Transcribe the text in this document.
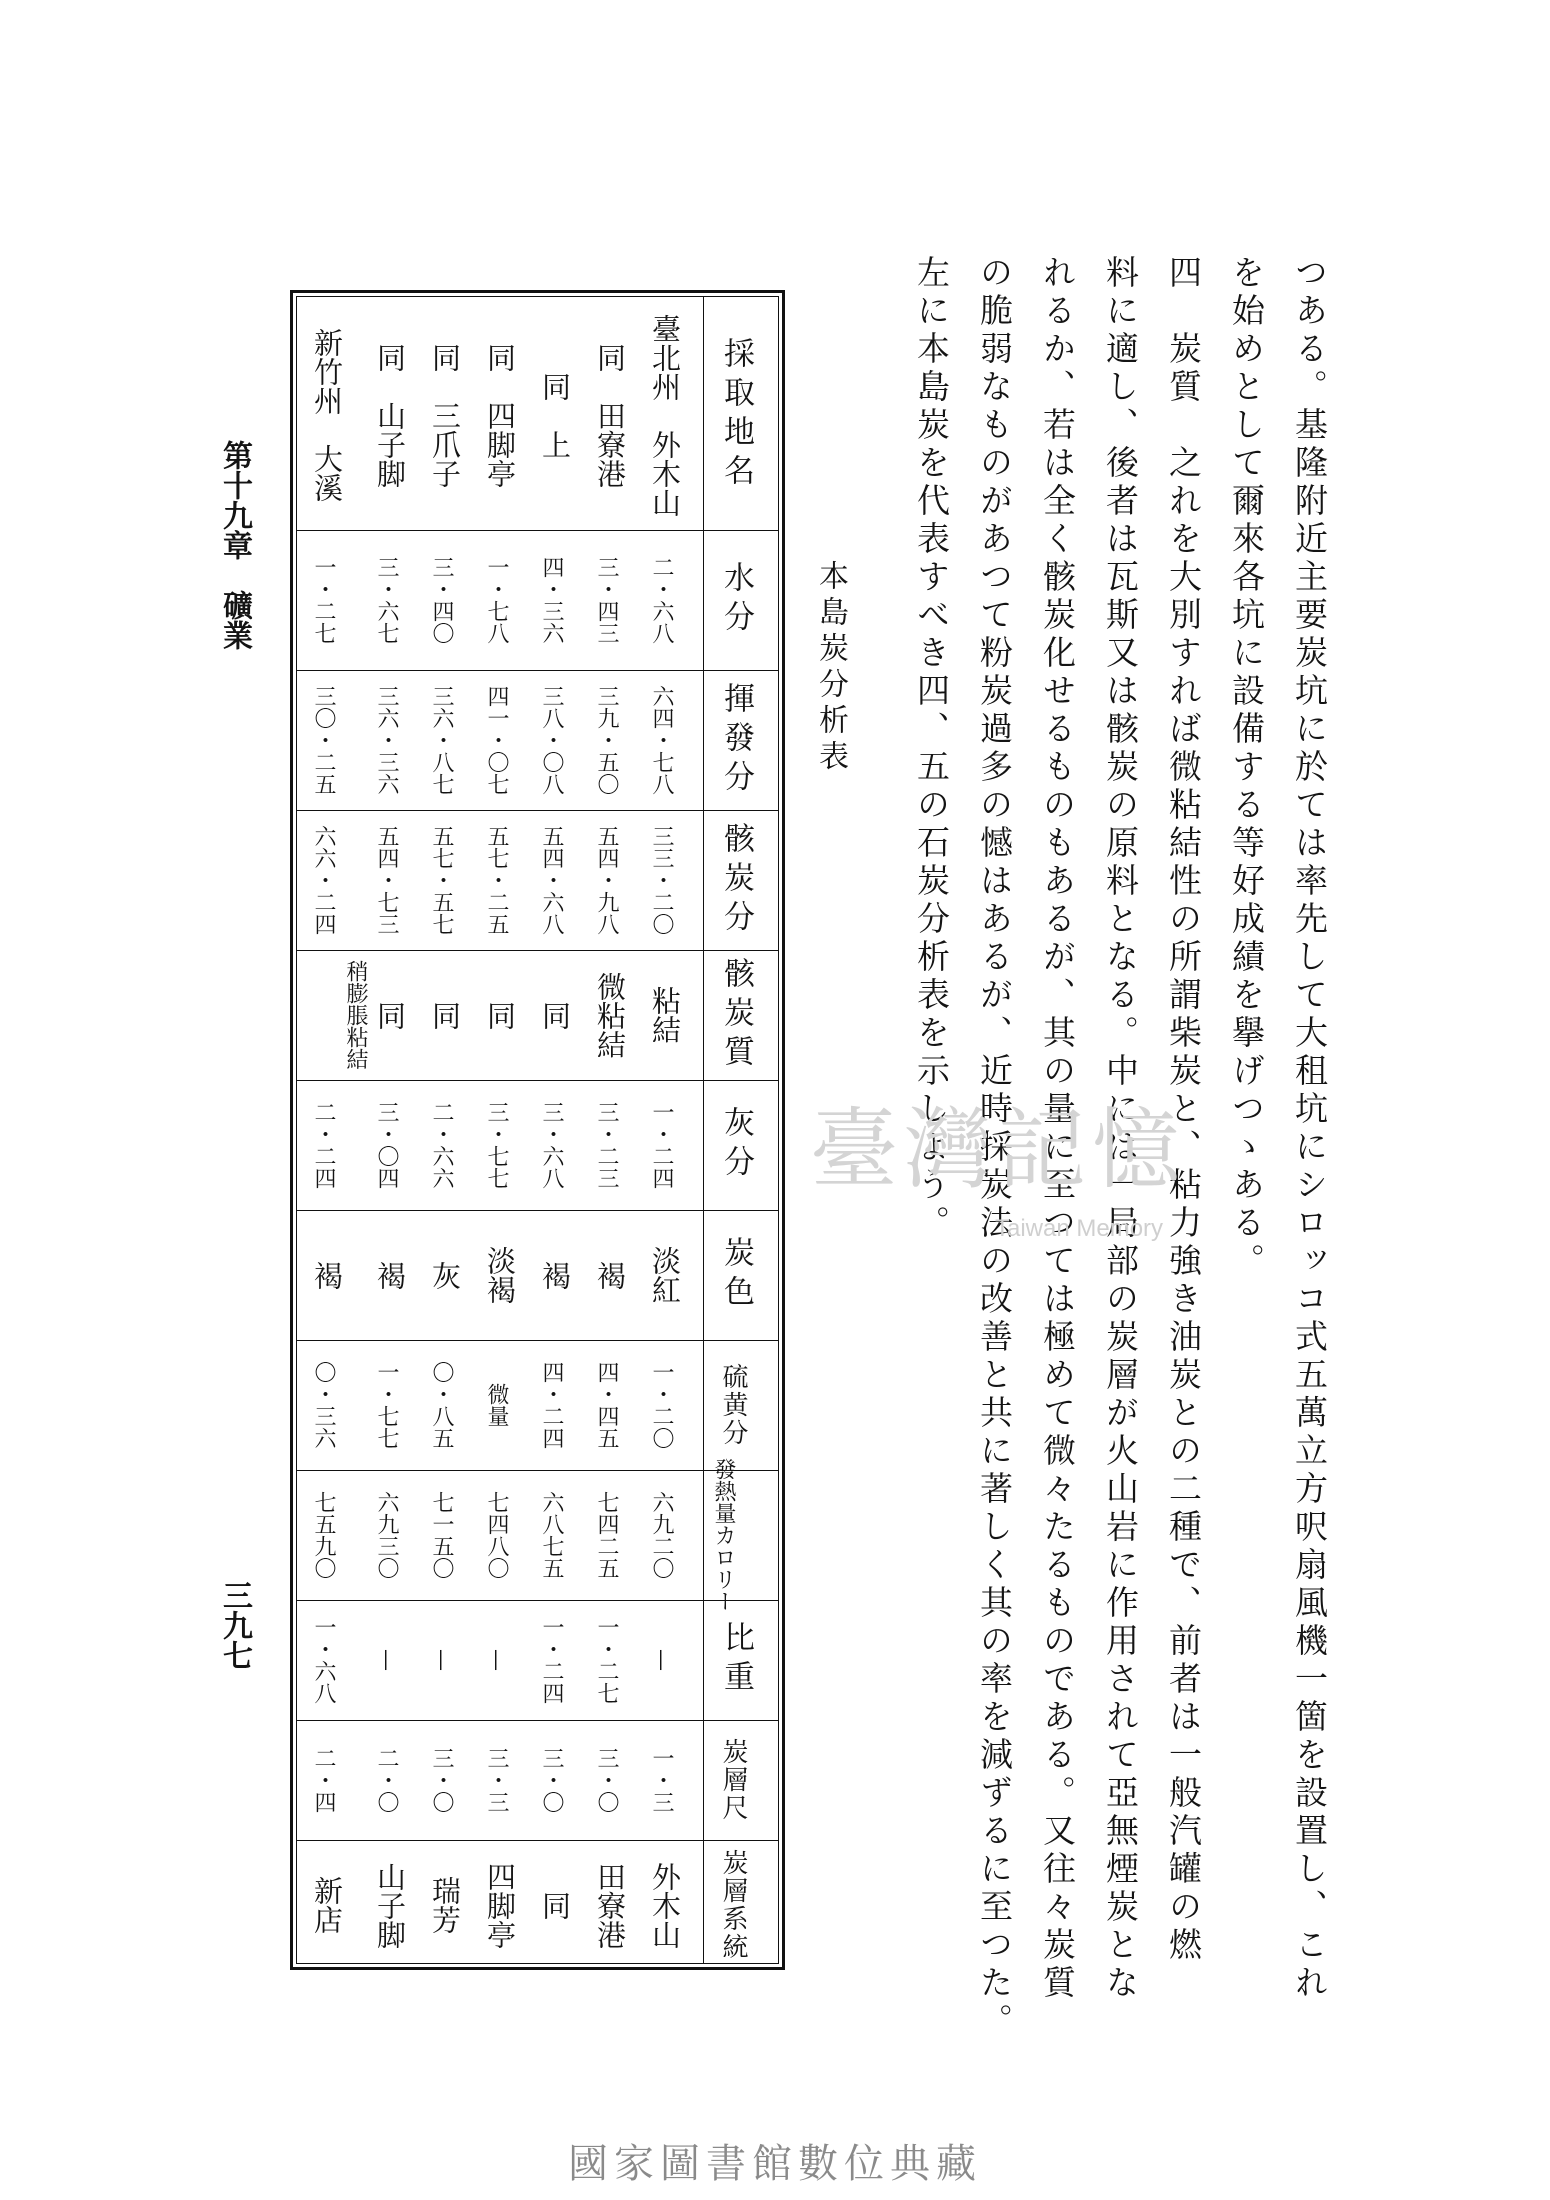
つある。基隆附近主要炭坑に於ては率先して大租坑にシロッコ式五萬立方呎扇風機一箇を設置し、これ
を始めとして爾來各坑に設備する等好成績を擧げつゝある。
四　炭質　之れを大別すれば微粘結性の所謂柴炭と、粘力強き油炭との二種で、前者は一般汽罐の燃
料に適し、後者は瓦斯又は骸炭の原料となる。中には一局部の炭層が火山岩に作用されて亞無煙炭とな
れるか、若は全く骸炭化せるものもあるが、其の量に至つては極めて微々たるものである。又往々炭質
の脆弱なものがあつて粉炭過多の憾はあるが、近時採炭法の改善と共に著しく其の率を減ずるに至つた。
左に本島炭を代表すべき四、五の石炭分析表を示しよう。
本島炭分析表
採取地名
水分
揮發分
骸炭分
骸炭質
灰分
炭色
硫黄分
發熱量カロリー
比重
炭層尺
炭層系統
臺北州　外木山
二・六八
六四・七八
三三・二〇
粘結
一・二四
淡紅
一・二〇
六九二〇
—
一・三
外木山
同　田寮港
三・四三
三九・五〇
五四・九八
微粘結
三・二三
褐
四・四五
七四二五
一・二七
三・〇
田寮港
同　上
四・三六
三八・〇八
五四・六八
同
三・六八
褐
四・二四
六八七五
一・二四
三・〇
同
同　四脚亭
一・七八
四一・〇七
五七・二五
同
三・七七
淡褐
微量
七四八〇
—
三・三
四脚亭
同　三爪子
三・四〇
三六・八七
五七・五七
同
二・六六
灰
〇・八五
七一五〇
—
三・〇
瑞芳
同　山子脚
三・六七
三六・三六
五四・七三
同
三・〇四
褐
一・七七
六九三〇
—
二・〇
山子脚
新竹州　大溪
一・二七
三〇・二五
六六・二四
稍膨脹粘結
二・二四
褐
〇・三六
七五九〇
一・六八
二・四
新店
第十九章　礦業
三九七
臺灣記憶
Taiwan Memory
國家圖書館數位典藏
